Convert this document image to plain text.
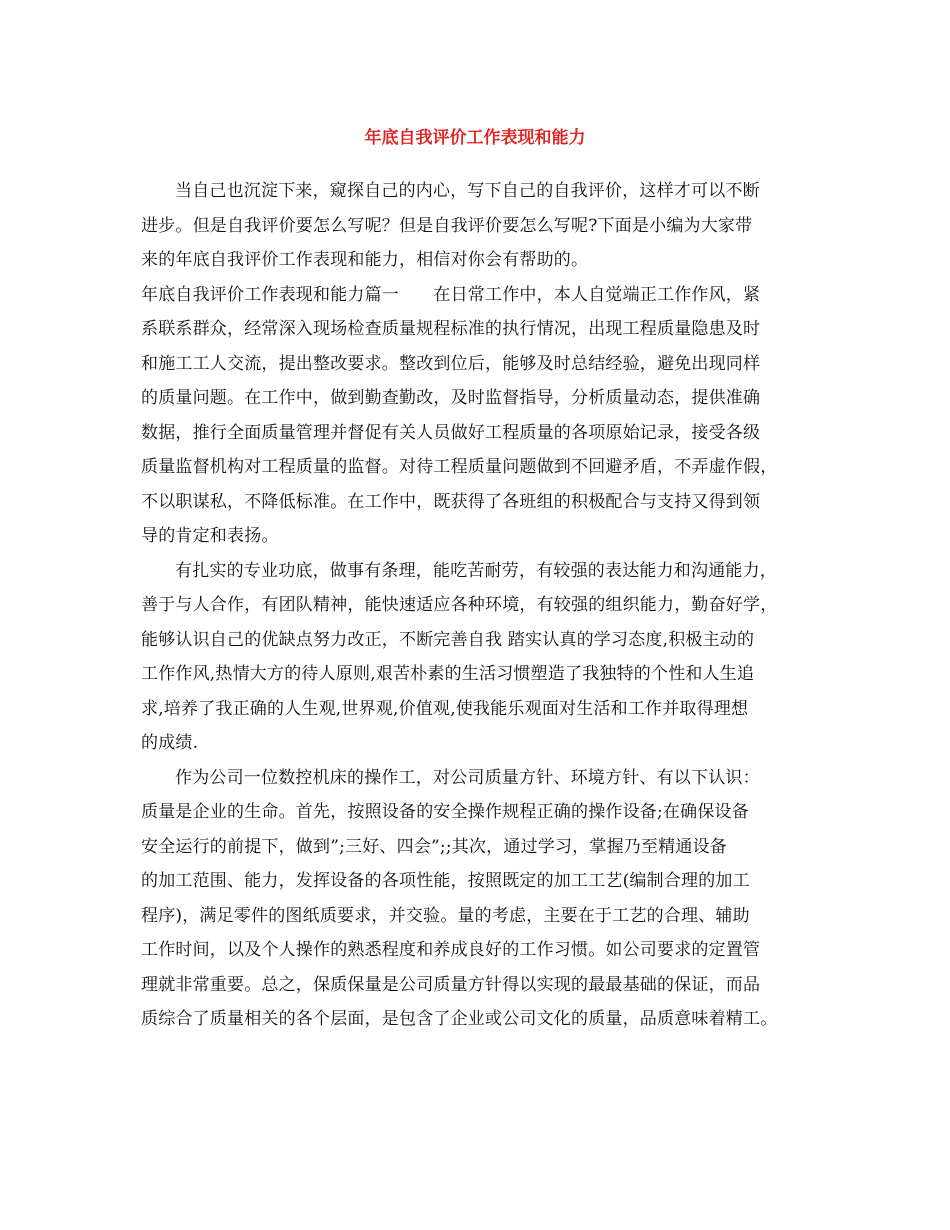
年底自我评价工作表现和能力
当自己也沉淀下来，窥探自己的内心，写下自己的自我评价，这样才可以不断
进步。但是自我评价要怎么写呢？但是自我评价要怎么写呢?下面是小编为大家带
来的年底自我评价工作表现和能力，相信对你会有帮助的。
年底自我评价工作表现和能力篇一　　在日常工作中，本人自觉端正工作作风，紧
系联系群众，经常深入现场检查质量规程标准的执行情况，出现工程质量隐患及时
和施工工人交流，提出整改要求。整改到位后，能够及时总结经验，避免出现同样
的质量问题。在工作中，做到勤查勤改，及时监督指导，分析质量动态，提供准确
数据，推行全面质量管理并督促有关人员做好工程质量的各项原始记录，接受各级
质量监督机构对工程质量的监督。对待工程质量问题做到不回避矛盾，不弄虚作假，
不以职谋私，不降低标准。在工作中，既获得了各班组的积极配合与支持又得到领
导的肯定和表扬。
有扎实的专业功底，做事有条理，能吃苦耐劳，有较强的表达能力和沟通能力，
善于与人合作，有团队精神，能快速适应各种环境，有较强的组织能力，勤奋好学，
能够认识自己的优缺点努力改正，不断完善自我 踏实认真的学习态度,积极主动的
工作作风,热情大方的待人原则,艰苦朴素的生活习惯塑造了我独特的个性和人生追
求,培养了我正确的人生观,世界观,价值观,使我能乐观面对生活和工作并取得理想
的成绩.
作为公司一位数控机床的操作工，对公司质量方针、环境方针、有以下认识：
质量是企业的生命。首先，按照设备的安全操作规程正确的操作设备;在确保设备
安全运行的前提下，做到”;三好、四会”;;其次，通过学习，掌握乃至精通设备
的加工范围、能力，发挥设备的各项性能，按照既定的加工工艺(编制合理的加工
程序)，满足零件的图纸质要求，并交验。量的考虑，主要在于工艺的合理、辅助
工作时间，以及个人操作的熟悉程度和养成良好的工作习惯。如公司要求的定置管
理就非常重要。总之，保质保量是公司质量方针得以实现的最最基础的保证，而品
质综合了质量相关的各个层面，是包含了企业或公司文化的质量，品质意味着精工。
